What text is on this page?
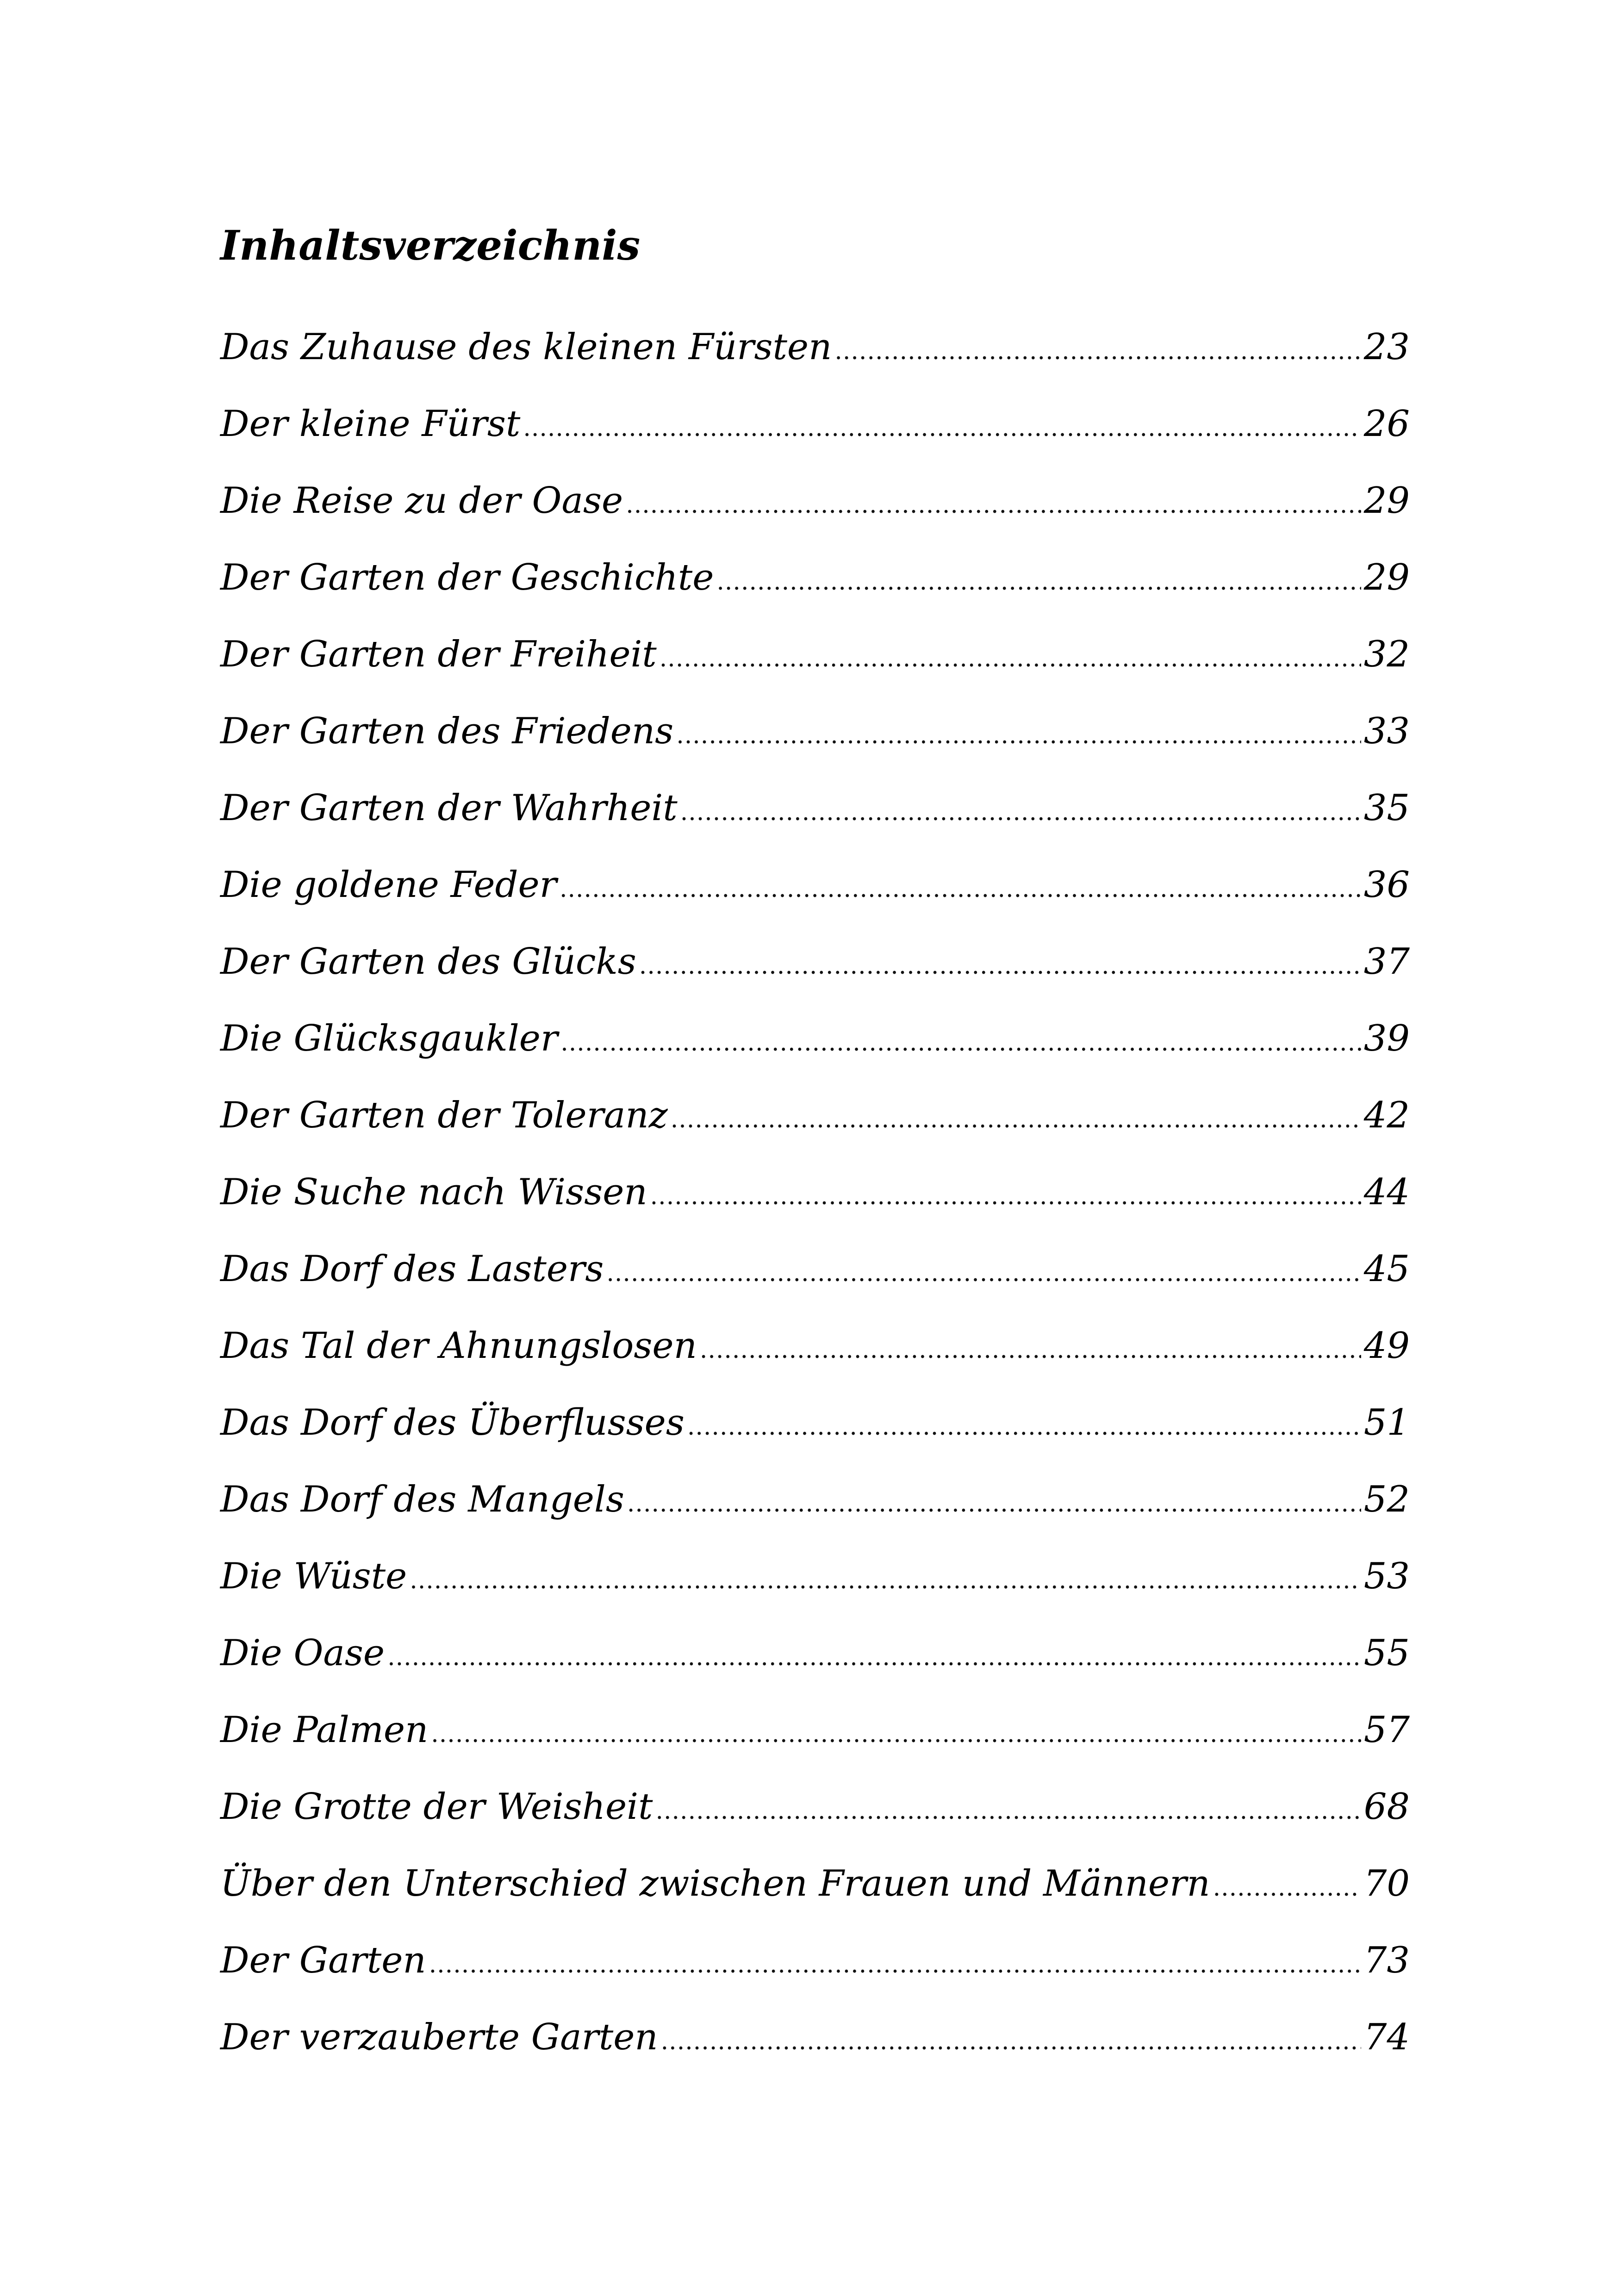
Inhaltsverzeichnis
Das Zuhause des kleinen Fürsten .....	23
Der kleine Fürst .....	26
Die Reise zu der Oase .....	29
Der Garten der Geschichte .....	29
Der Garten der Freiheit .....	32
Der Garten des Friedens .....	33
Der Garten der Wahrheit .....	35
Die goldene Feder .....	36
Der Garten des Glücks .....	37
Die Glücksgaukler .....	39
Der Garten der Toleranz .....	42
Die Suche nach Wissen .....	44
Das Dorf des Lasters .....	45
Das Tal der Ahnungslosen .....	49
Das Dorf des Überflusses .....	51
Das Dorf des Mangels .....	52
Die Wüste .....	53
Die Oase .....	55
Die Palmen .....	57
Die Grotte der Weisheit .....	68
Über den Unterschied zwischen Frauen und Männern .....	70
Der Garten .....	73
Der verzauberte Garten .....	74
